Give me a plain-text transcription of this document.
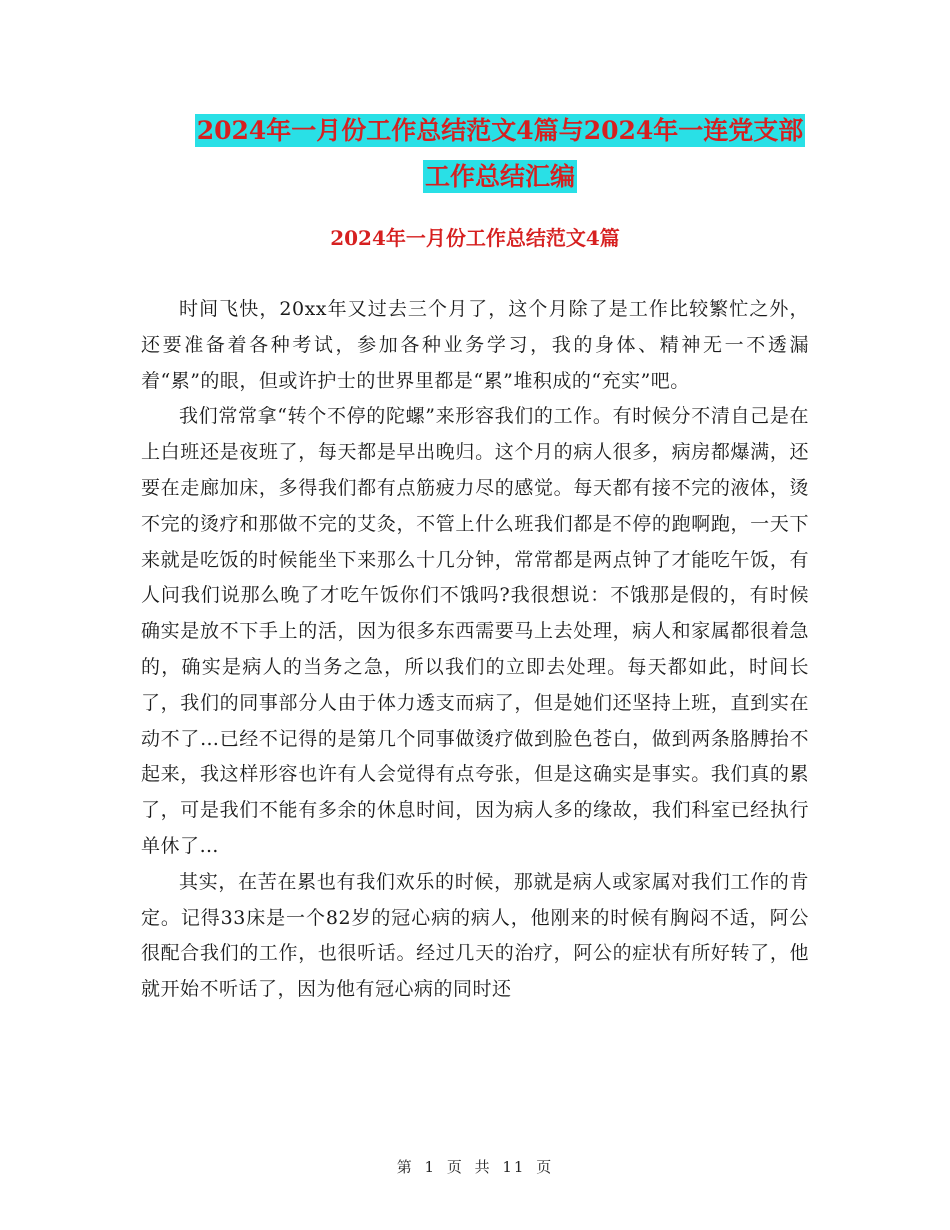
2024年一月份工作总结范文4篇与2024年一连党支部
工作总结汇编
2024年一月份工作总结范文4篇

时间飞快，20xx年又过去三个月了，这个月除了是工作比较繁忙之外，还要准备着各种考试，参加各种业务学习，我的身体、精神无一不透漏着“累”的眼，但或许护士的世界里都是“累”堆积成的“充实”吧。

我们常常拿“转个不停的陀螺”来形容我们的工作。有时候分不清自己是在上白班还是夜班了，每天都是早出晚归。这个月的病人很多，病房都爆满，还要在走廊加床，多得我们都有点筋疲力尽的感觉。每天都有接不完的液体，烫不完的烫疗和那做不完的艾灸，不管上什么班我们都是不停的跑啊跑，一天下来就是吃饭的时候能坐下来那么十几分钟，常常都是两点钟了才能吃午饭，有人问我们说那么晚了才吃午饭你们不饿吗?我很想说：不饿那是假的，有时候确实是放不下手上的活，因为很多东西需要马上去处理，病人和家属都很着急的，确实是病人的当务之急，所以我们的立即去处理。每天都如此，时间长了，我们的同事部分人由于体力透支而病了，但是她们还坚持上班，直到实在动不了…已经不记得的是第几个同事做烫疗做到脸色苍白，做到两条胳膊抬不起来，我这样形容也许有人会觉得有点夸张，但是这确实是事实。我们真的累了，可是我们不能有多余的休息时间，因为病人多的缘故，我们科室已经执行单休了…

其实，在苦在累也有我们欢乐的时候，那就是病人或家属对我们工作的肯定。记得33床是一个82岁的冠心病的病人，他刚来的时候有胸闷不适，阿公很配合我们的工作，也很听话。经过几天的治疗，阿公的症状有所好转了，他就开始不听话了，因为他有冠心病的同时还

第 1 页 共 11 页
